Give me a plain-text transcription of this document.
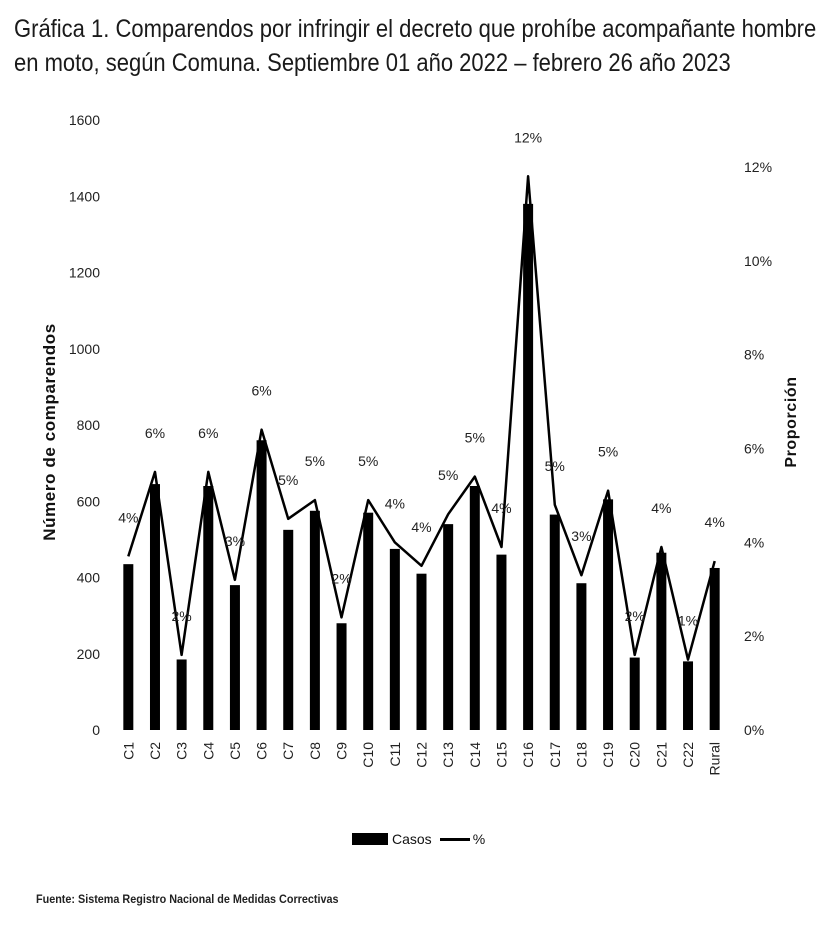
Gráfica 1. Comparendos por infringir el decreto que prohíbe acompañante hombre
en moto, según Comuna. Septiembre 01 año 2022 – febrero 26 año 2023
0
200
400
600
800
1000
1200
1400
1600
0%
2%
4%
6%
8%
10%
12%
4%
6%
2%
6%
3%
6%
5%
5%
2%
5%
4%
4%
5%
5%
4%
12%
5%
3%
5%
2%
4%
1%
4%
C1 C2 C3 C4 C5 C6 C7 C8 C9 C10 C11 C12 C13 C14 C15 C16 C17 C18 C19 C20 C21 C22 Rural
Número de comparendos	Proporción
Casos	%
Fuente: Sistema Registro Nacional de Medidas Correctivas
